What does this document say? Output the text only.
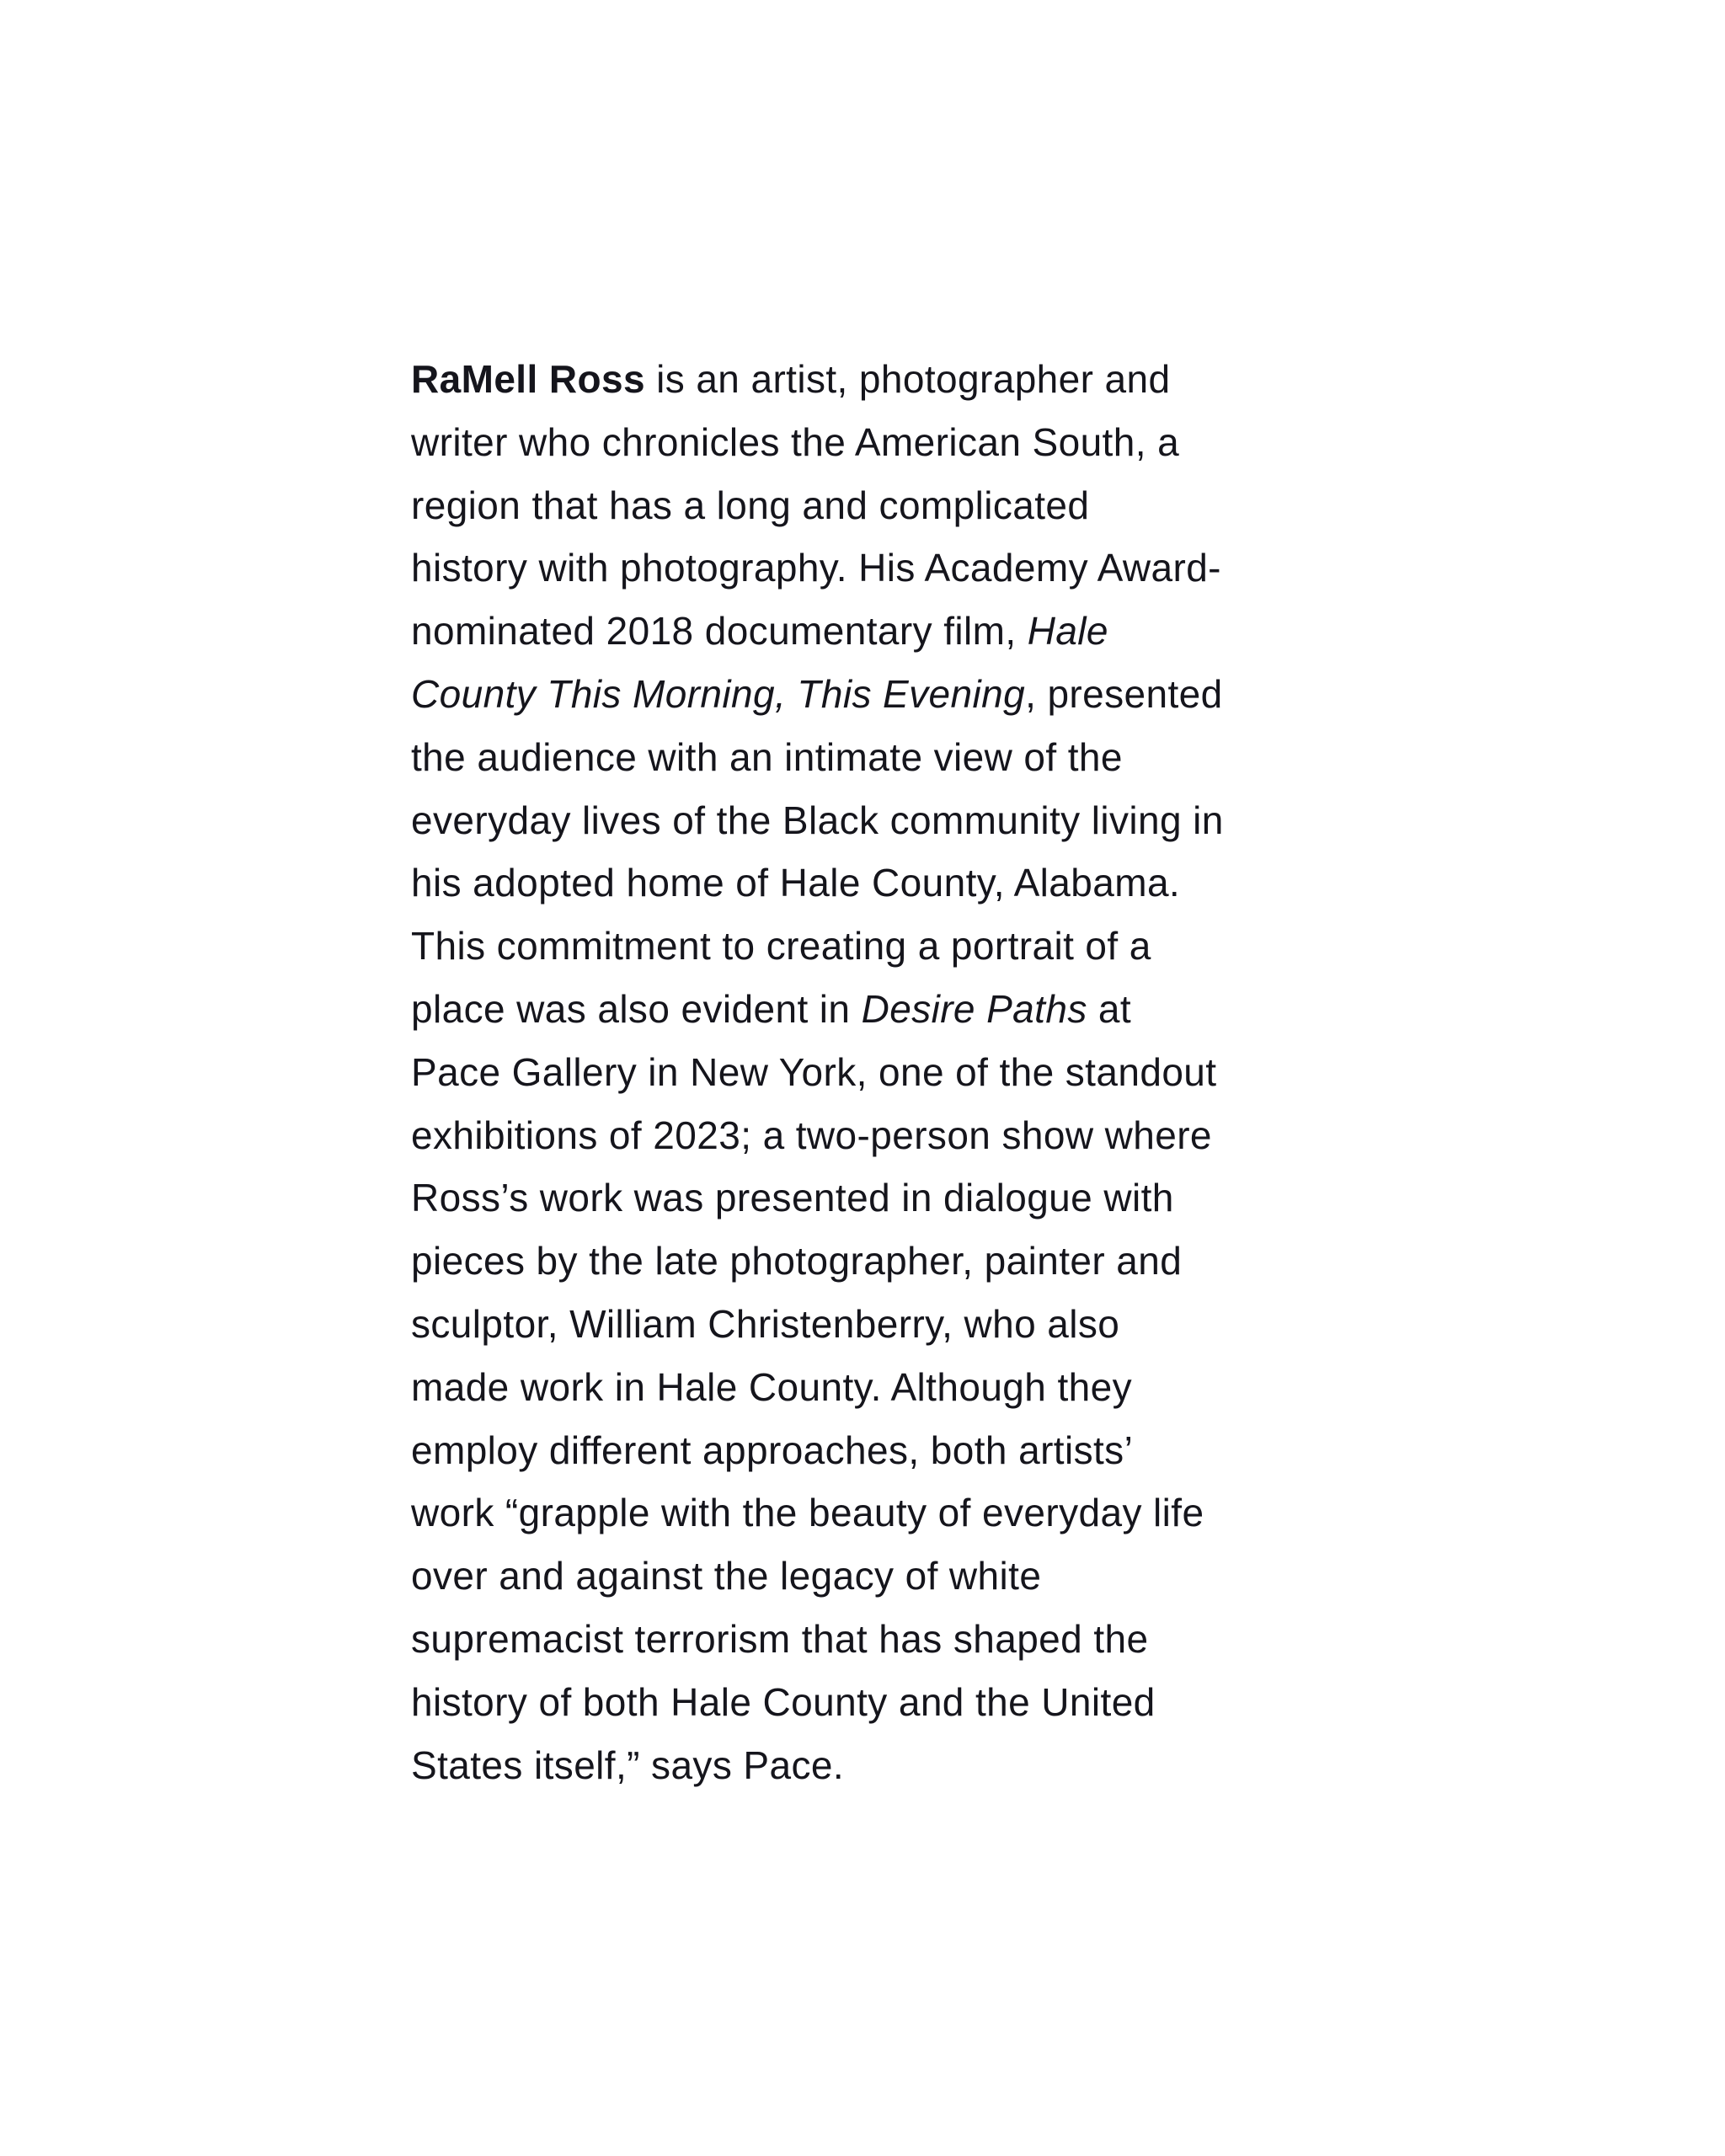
RaMell Ross is an artist, photographer and
writer who chronicles the American South, a
region that has a long and complicated
history with photography. His Academy Award-
nominated 2018 documentary film, Hale
County This Morning, This Evening, presented
the audience with an intimate view of the
everyday lives of the Black community living in
his adopted home of Hale County, Alabama.
This commitment to creating a portrait of a
place was also evident in Desire Paths at
Pace Gallery in New York, one of the standout
exhibitions of 2023; a two-person show where
Ross’s work was presented in dialogue with
pieces by the late photographer, painter and
sculptor, William Christenberry, who also
made work in Hale County. Although they
employ different approaches, both artists’
work “grapple with the beauty of everyday life
over and against the legacy of white
supremacist terrorism that has shaped the
history of both Hale County and the United
States itself,” says Pace.
